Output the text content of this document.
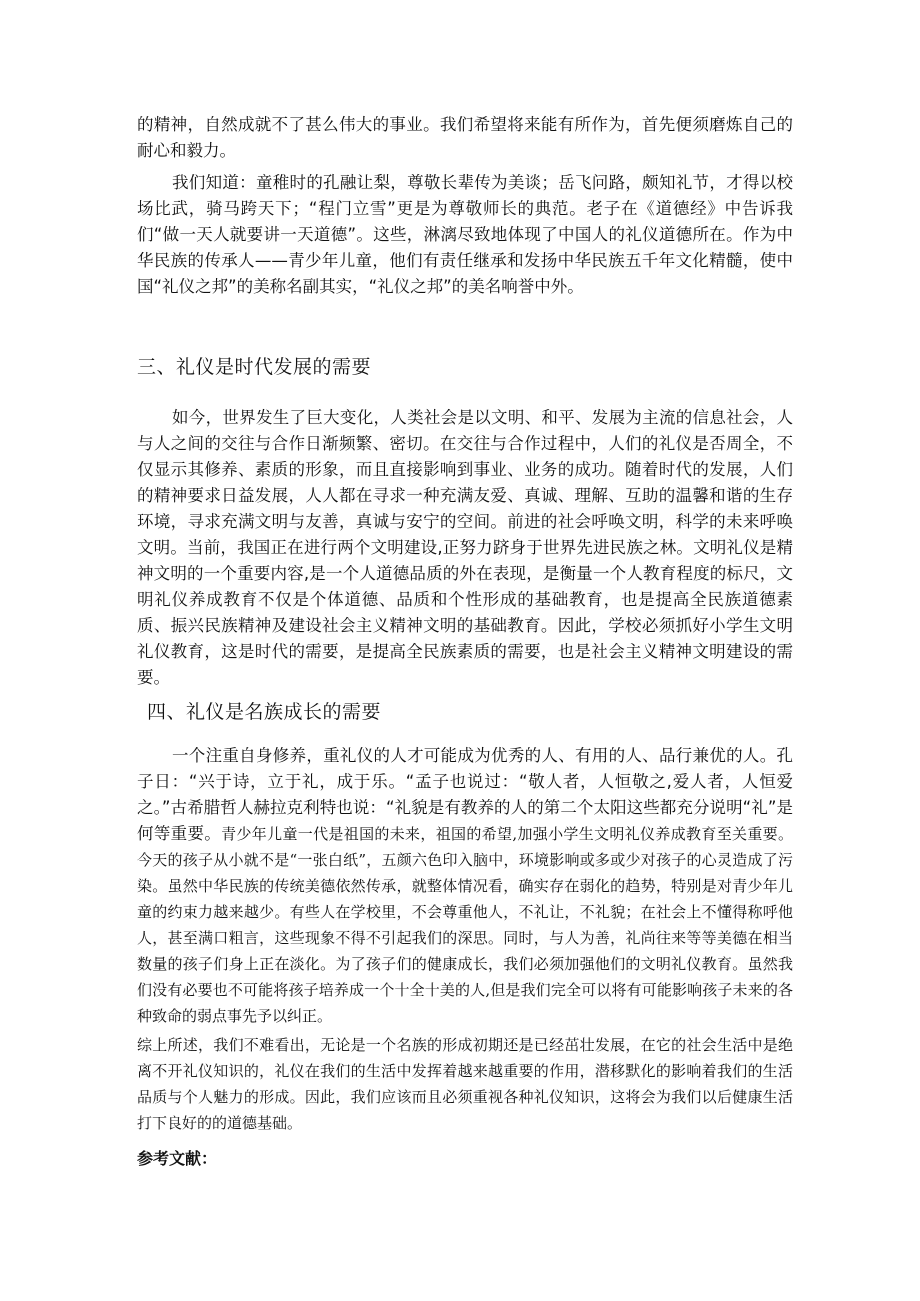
的精神，自然成就不了甚么伟大的事业。我们希望将来能有所作为，首先便须磨炼自己的耐心和毅力。

我们知道：童稚时的孔融让梨，尊敬长辈传为美谈；岳飞问路，颇知礼节，才得以校场比武，骑马跨天下；“程门立雪”更是为尊敬师长的典范。老子在《道德经》中告诉我们“做一天人就要讲一天道德”。这些，淋漓尽致地体现了中国人的礼仪道德所在。作为中华民族的传承人——青少年儿童，他们有责任继承和发扬中华民族五千年文化精髓，使中国“礼仪之邦”的美称名副其实，“礼仪之邦”的美名响誉中外。

三、礼仪是时代发展的需要

如今，世界发生了巨大变化，人类社会是以文明、和平、发展为主流的信息社会，人与人之间的交往与合作日渐频繁、密切。在交往与合作过程中，人们的礼仪是否周全，不仅显示其修养、素质的形象，而且直接影响到事业、业务的成功。随着时代的发展，人们的精神要求日益发展，人人都在寻求一种充满友爱、真诚、理解、互助的温馨和谐的生存环境，寻求充满文明与友善，真诚与安宁的空间。前进的社会呼唤文明，科学的未来呼唤文明。当前，我国正在进行两个文明建设,正努力跻身于世界先进民族之林。文明礼仪是精神文明的一个重要内容,是一个人道德品质的外在表现，是衡量一个人教育程度的标尺，文明礼仪养成教育不仅是个体道德、品质和个性形成的基础教育，也是提高全民族道德素质、振兴民族精神及建设社会主义精神文明的基础教育。因此，学校必须抓好小学生文明礼仪教育，这是时代的需要，是提高全民族素质的需要，也是社会主义精神文明建设的需要。

四、礼仪是名族成长的需要

一个注重自身修养，重礼仪的人才可能成为优秀的人、有用的人、品行兼优的人。孔子日：“兴于诗，立于礼，成于乐。“孟子也说过：“敬人者，人恒敬之,爱人者，人恒爱之。”古希腊哲人赫拉克利特也说：“礼貌是有教养的人的第二个太阳这些都充分说明“礼”是何等重要。青少年儿童一代是祖国的未来，祖国的希望,加强小学生文明礼仪养成教育至关重要。今天的孩子从小就不是“一张白纸”，五颜六色印入脑中，环境影响或多或少对孩子的心灵造成了污染。虽然中华民族的传统美德依然传承，就整体情况看，确实存在弱化的趋势，特别是对青少年儿童的约束力越来越少。有些人在学校里，不会尊重他人，不礼让，不礼貌；在社会上不懂得称呼他人，甚至满口粗言，这些现象不得不引起我们的深思。同时，与人为善，礼尚往来等等美德在相当数量的孩子们身上正在淡化。为了孩子们的健康成长，我们必须加强他们的文明礼仪教育。虽然我们没有必要也不可能将孩子培养成一个十全十美的人,但是我们完全可以将有可能影响孩子未来的各种致命的弱点事先予以纠正。

综上所述，我们不难看出，无论是一个名族的形成初期还是已经茁壮发展，在它的社会生活中是绝离不开礼仪知识的，礼仪在我们的生活中发挥着越来越重要的作用，潜移默化的影响着我们的生活品质与个人魅力的形成。因此，我们应该而且必须重视各种礼仪知识，这将会为我们以后健康生活打下良好的的道德基础。

参考文献：
